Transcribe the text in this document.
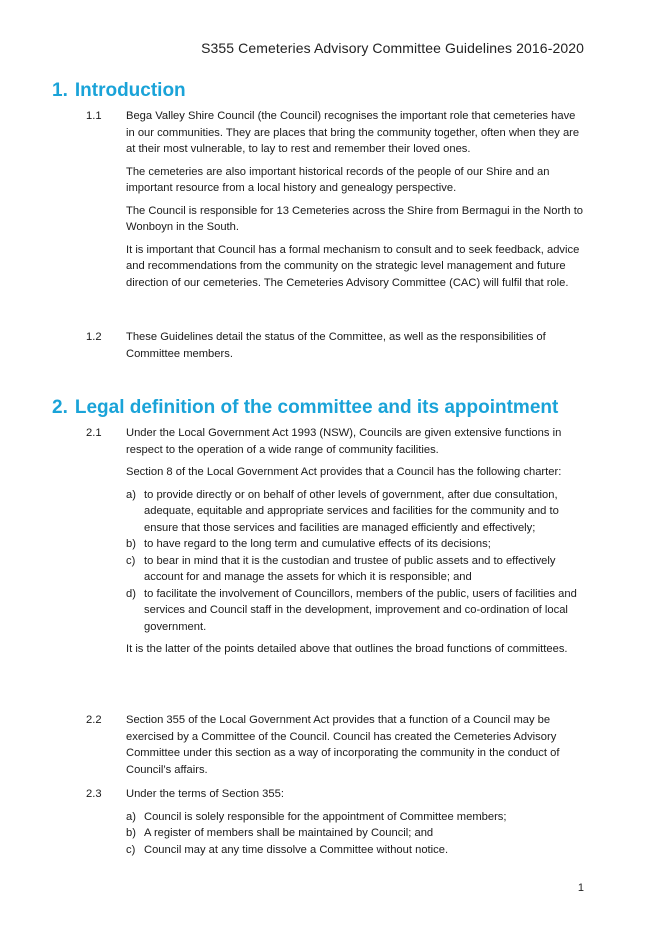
S355 Cemeteries Advisory Committee Guidelines 2016-2020
1. Introduction
1.1 Bega Valley Shire Council (the Council) recognises the important role that cemeteries have in our communities. They are places that bring the community together, often when they are at their most vulnerable, to lay to rest and remember their loved ones.

The cemeteries are also important historical records of the people of our Shire and an important resource from a local history and genealogy perspective.

The Council is responsible for 13 Cemeteries across the Shire from Bermagui in the North to Wonboyn in the South.

It is important that Council has a formal mechanism to consult and to seek feedback, advice and recommendations from the community on the strategic level management and future direction of our cemeteries. The Cemeteries Advisory Committee (CAC) will fulfil that role.

1.2 These Guidelines detail the status of the Committee, as well as the responsibilities of Committee members.

2. Legal definition of the committee and its appointment
2.1 Under the Local Government Act 1993 (NSW), Councils are given extensive functions in respect to the operation of a wide range of community facilities.

Section 8 of the Local Government Act provides that a Council has the following charter:

a) to provide directly or on behalf of other levels of government, after due consultation, adequate, equitable and appropriate services and facilities for the community and to ensure that those services and facilities are managed efficiently and effectively;
b) to have regard to the long term and cumulative effects of its decisions;
c) to bear in mind that it is the custodian and trustee of public assets and to effectively account for and manage the assets for which it is responsible; and
d) to facilitate the involvement of Councillors, members of the public, users of facilities and services and Council staff in the development, improvement and co-ordination of local government.

It is the latter of the points detailed above that outlines the broad functions of committees.

2.2 Section 355 of the Local Government Act provides that a function of a Council may be exercised by a Committee of the Council. Council has created the Cemeteries Advisory Committee under this section as a way of incorporating the community in the conduct of Council’s affairs.

2.3 Under the terms of Section 355:

a) Council is solely responsible for the appointment of Committee members;
b) A register of members shall be maintained by Council; and
c) Council may at any time dissolve a Committee without notice.
1
